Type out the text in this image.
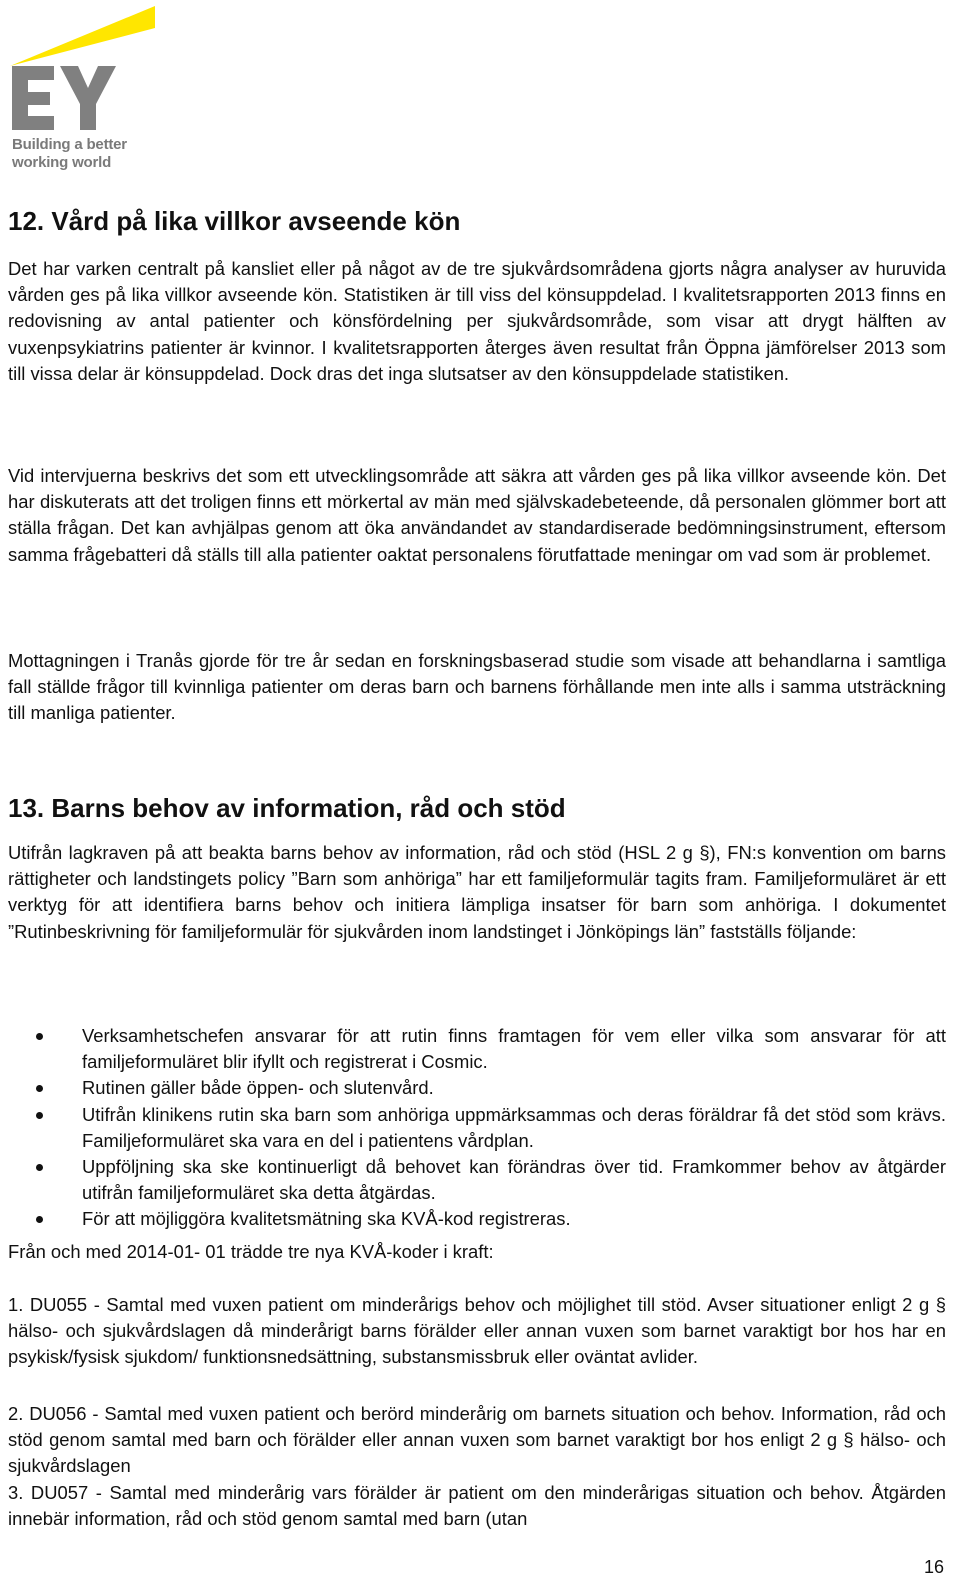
Building a better
working world
12. Vård på lika villkor avseende kön

Det har varken centralt på kansliet eller på något av de tre sjukvårdsområdena gjorts några analyser av huruvida vården ges på lika villkor avseende kön. Statistiken är till viss del könsuppdelad. I kvalitetsrapporten 2013 finns en redovisning av antal patienter och könsfördelning per sjukvårdsområde, som visar att drygt hälften av vuxenpsykiatrins patienter är kvinnor. I kvalitetsrapporten återges även resultat från Öppna jämförelser 2013 som till vissa delar är könsuppdelad. Dock dras det inga slutsatser av den könsuppdelade statistiken.

Vid intervjuerna beskrivs det som ett utvecklingsområde att säkra att vården ges på lika villkor avseende kön. Det har diskuterats att det troligen finns ett mörkertal av män med självskadebeteende, då personalen glömmer bort att ställa frågan. Det kan avhjälpas genom att öka användandet av standardiserade bedömningsinstrument, eftersom samma frågebatteri då ställs till alla patienter oaktat personalens förutfattade meningar om vad som är problemet.

Mottagningen i Tranås gjorde för tre år sedan en forskningsbaserad studie som visade att behandlarna i samtliga fall ställde frågor till kvinnliga patienter om deras barn och barnens förhållande men inte alls i samma utsträckning till manliga patienter.

13. Barns behov av information, råd och stöd

Utifrån lagkraven på att beakta barns behov av information, råd och stöd (HSL 2 g §), FN:s konvention om barns rättigheter och landstingets policy ”Barn som anhöriga” har ett familjeformulär tagits fram. Familjeformuläret är ett verktyg för att identifiera barns behov och initiera lämpliga insatser för barn som anhöriga. I dokumentet ”Rutinbeskrivning för familjeformulär för sjukvården inom landstinget i Jönköpings län” fastställs följande:

Verksamhetschefen ansvarar för att rutin finns framtagen för vem eller vilka som ansvarar för att familjeformuläret blir ifyllt och registrerat i Cosmic.
Rutinen gäller både öppen- och slutenvård.
Utifrån klinikens rutin ska barn som anhöriga uppmärksammas och deras föräldrar få det stöd som krävs. Familjeformuläret ska vara en del i patientens vårdplan.
Uppföljning ska ske kontinuerligt då behovet kan förändras över tid. Framkommer behov av åtgärder utifrån familjeformuläret ska detta åtgärdas.
För att möjliggöra kvalitetsmätning ska KVÅ-kod registreras.

Från och med 2014-01- 01 trädde tre nya KVÅ-koder i kraft:

1. DU055 - Samtal med vuxen patient om minderårigs behov och möjlighet till stöd. Avser situationer enligt 2 g § hälso- och sjukvårdslagen då minderårigt barns förälder eller annan vuxen som barnet varaktigt bor hos har en psykisk/fysisk sjukdom/ funktionsnedsättning, substansmissbruk eller oväntat avlider.

2. DU056 - Samtal med vuxen patient och berörd minderårig om barnets situation och behov. Information, råd och stöd genom samtal med barn och förälder eller annan vuxen som barnet varaktigt bor hos enligt 2 g § hälso- och sjukvårdslagen

3. DU057 - Samtal med minderårig vars förälder är patient om den minderårigas situation och behov. Åtgärden innebär information, råd och stöd genom samtal med barn (utan

16
